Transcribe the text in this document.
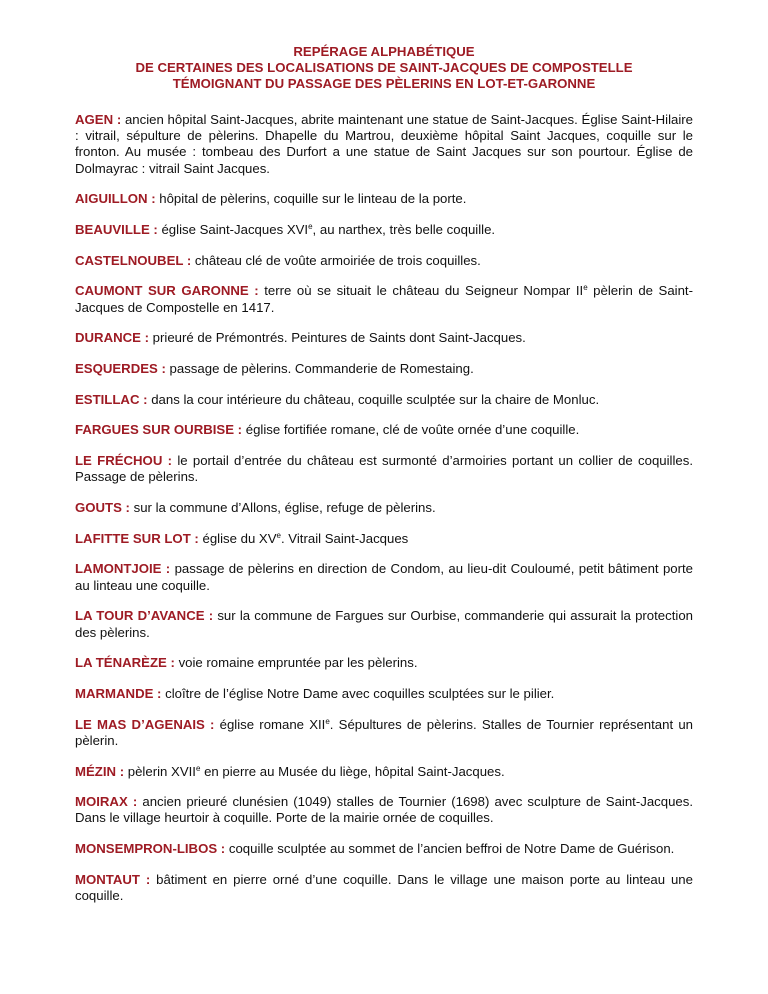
REPÉRAGE ALPHABÉTIQUE
DE CERTAINES DES LOCALISATIONS DE SAINT-JACQUES DE COMPOSTELLE
TÉMOIGNANT DU PASSAGE DES PÈLERINS EN LOT-ET-GARONNE

AGEN : ancien hôpital Saint-Jacques, abrite maintenant une statue de Saint-Jacques. Église Saint-Hilaire : vitrail, sépulture de pèlerins. Dhapelle du Martrou, deuxième hôpital Saint Jacques, coquille sur le fronton. Au musée : tombeau des Durfort a une statue de Saint Jacques sur son pourtour. Église de Dolmayrac : vitrail Saint Jacques.

AIGUILLON : hôpital de pèlerins, coquille sur le linteau de la porte.

BEAUVILLE : église Saint-Jacques XVIe, au narthex, très belle coquille.

CASTELNOUBEL : château clé de voûte armoiriée de trois coquilles.

CAUMONT SUR GARONNE : terre où se situait le château du Seigneur Nompar IIe pèlerin de Saint-Jacques de Compostelle en 1417.

DURANCE : prieuré de Prémontrés. Peintures de Saints dont Saint-Jacques.

ESQUERDES : passage de pèlerins. Commanderie de Romestaing.

ESTILLAC : dans la cour intérieure du château, coquille sculptée sur la chaire de Monluc.

FARGUES SUR OURBISE : église fortifiée romane, clé de voûte ornée d’une coquille.

LE FRÉCHOU : le portail d’entrée du château est surmonté d’armoiries portant un collier de coquilles. Passage de pèlerins.

GOUTS : sur la commune d’Allons, église, refuge de pèlerins.

LAFITTE SUR LOT : église du XVe. Vitrail Saint-Jacques

LAMONTJOIE : passage de pèlerins en direction de Condom, au lieu-dit Couloumé, petit bâtiment porte au linteau une coquille.

LA TOUR D’AVANCE : sur la commune de Fargues sur Ourbise, commanderie qui assurait la protection des pèlerins.

LA TÉNARÈZE : voie romaine empruntée par les pèlerins.

MARMANDE : cloître de l’église Notre Dame avec coquilles sculptées sur le pilier.

LE MAS D’AGENAIS : église romane XIIe. Sépultures de pèlerins. Stalles de Tournier représentant un pèlerin.

MÉZIN : pèlerin XVIIe en pierre au Musée du liège, hôpital Saint-Jacques.

MOIRAX : ancien prieuré clunésien (1049) stalles de Tournier (1698) avec sculpture de Saint-Jacques. Dans le village heurtoir à coquille. Porte de la mairie ornée de coquilles.

MONSEMPRON-LIBOS : coquille sculptée au sommet de l’ancien beffroi de Notre Dame de Guérison.

MONTAUT : bâtiment en pierre orné d’une coquille. Dans le village une maison porte au linteau une coquille.
